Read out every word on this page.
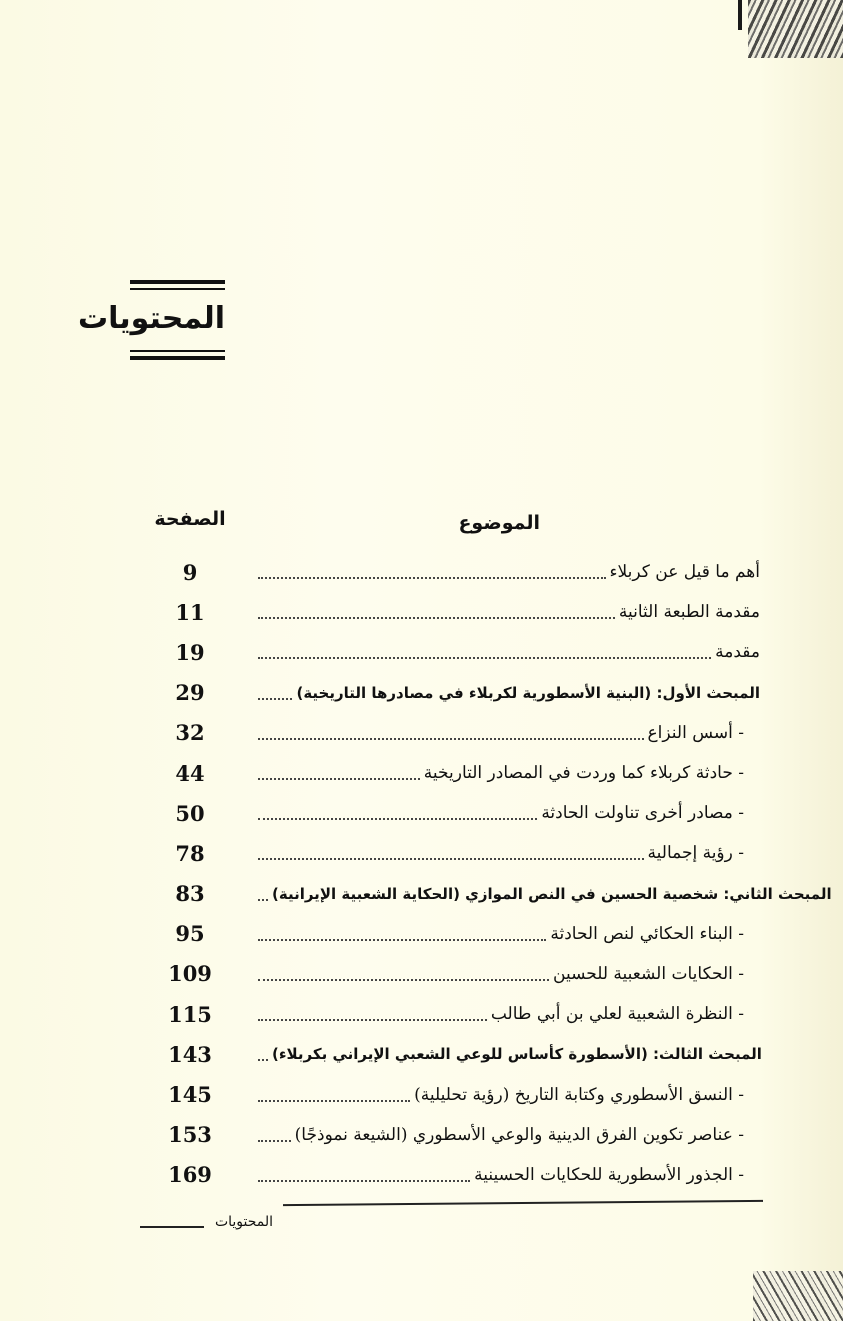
المحتويات
الموضوع
الصفحة
9	أهم ما قيل عن كربلاء
11	مقدمة الطبعة الثانية
19	مقدمة
29	المبحث الأول: (البنية الأسطورية لكربلاء في مصادرها التاريخية)
32	- أسس النزاع
44	- حادثة كربلاء كما وردت في المصادر التاريخية
50	- مصادر أخرى تناولت الحادثة
78	- رؤية إجمالية
83	المبحث الثاني: شخصية الحسين في النص الموازي (الحكاية الشعبية الإيرانية)
95	- البناء الحكائي لنص الحادثة
109	- الحكايات الشعبية للحسين
115	- النظرة الشعبية لعلي بن أبي طالب
143	المبحث الثالث: (الأسطورة كأساس للوعي الشعبي الإيراني بكربلاء)
145	- النسق الأسطوري وكتابة التاريخ (رؤية تحليلية)
153	- عناصر تكوين الفرق الدينية والوعي الأسطوري (الشيعة نموذجًا)
169	- الجذور الأسطورية للحكايات الحسينية
المحتويات
